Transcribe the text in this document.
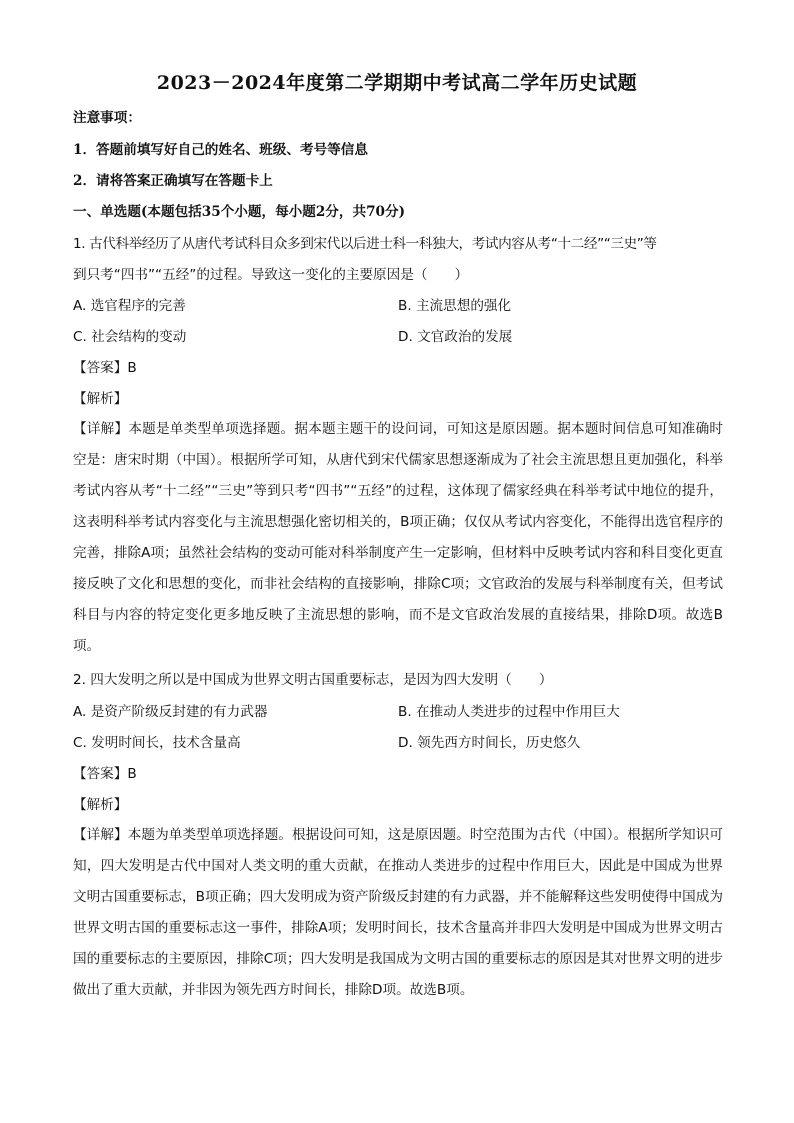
2023－2024年度第二学期期中考试高二学年历史试题
注意事项：
1．答题前填写好自己的姓名、班级、考号等信息
2．请将答案正确填写在答题卡上
一、单选题(本题包括35个小题，每小题2分，共70分)
1. 古代科举经历了从唐代考试科目众多到宋代以后进士科一科独大，考试内容从考“十二经”“三史”等
到只考“四书”“五经”的过程。导致这一变化的主要原因是（　　）
A. 选官程序的完善	B. 主流思想的强化
C. 社会结构的变动	D. 文官政治的发展
【答案】B
【解析】
【详解】本题是单类型单项选择题。据本题主题干的设问词，可知这是原因题。据本题时间信息可知准确时空是：唐宋时期（中国）。根据所学可知，从唐代到宋代儒家思想逐渐成为了社会主流思想且更加强化，科举考试内容从考“十二经”“三史”等到只考“四书”“五经”的过程，这体现了儒家经典在科举考试中地位的提升，这表明科举考试内容变化与主流思想强化密切相关的，B项正确；仅仅从考试内容变化，不能得出选官程序的完善，排除A项；虽然社会结构的变动可能对科举制度产生一定影响，但材料中反映考试内容和科目变化更直接反映了文化和思想的变化，而非社会结构的直接影响，排除C项；文官政治的发展与科举制度有关，但考试科目与内容的特定变化更多地反映了主流思想的影响，而不是文官政治发展的直接结果，排除D项。故选B项。
2. 四大发明之所以是中国成为世界文明古国重要标志，是因为四大发明（　　）
A. 是资产阶级反封建的有力武器	B. 在推动人类进步的过程中作用巨大
C. 发明时间长，技术含量高	D. 领先西方时间长，历史悠久
【答案】B
【解析】
【详解】本题为单类型单项选择题。根据设问可知，这是原因题。时空范围为古代（中国）。根据所学知识可知，四大发明是古代中国对人类文明的重大贡献，在推动人类进步的过程中作用巨大，因此是中国成为世界文明古国重要标志，B项正确；四大发明成为资产阶级反封建的有力武器，并不能解释这些发明使得中国成为世界文明古国的重要标志这一事件，排除A项；发明时间长，技术含量高并非四大发明是中国成为世界文明古国的重要标志的主要原因，排除C项；四大发明是我国成为文明古国的重要标志的原因是其对世界文明的进步做出了重大贡献，并非因为领先西方时间长，排除D项。故选B项。
